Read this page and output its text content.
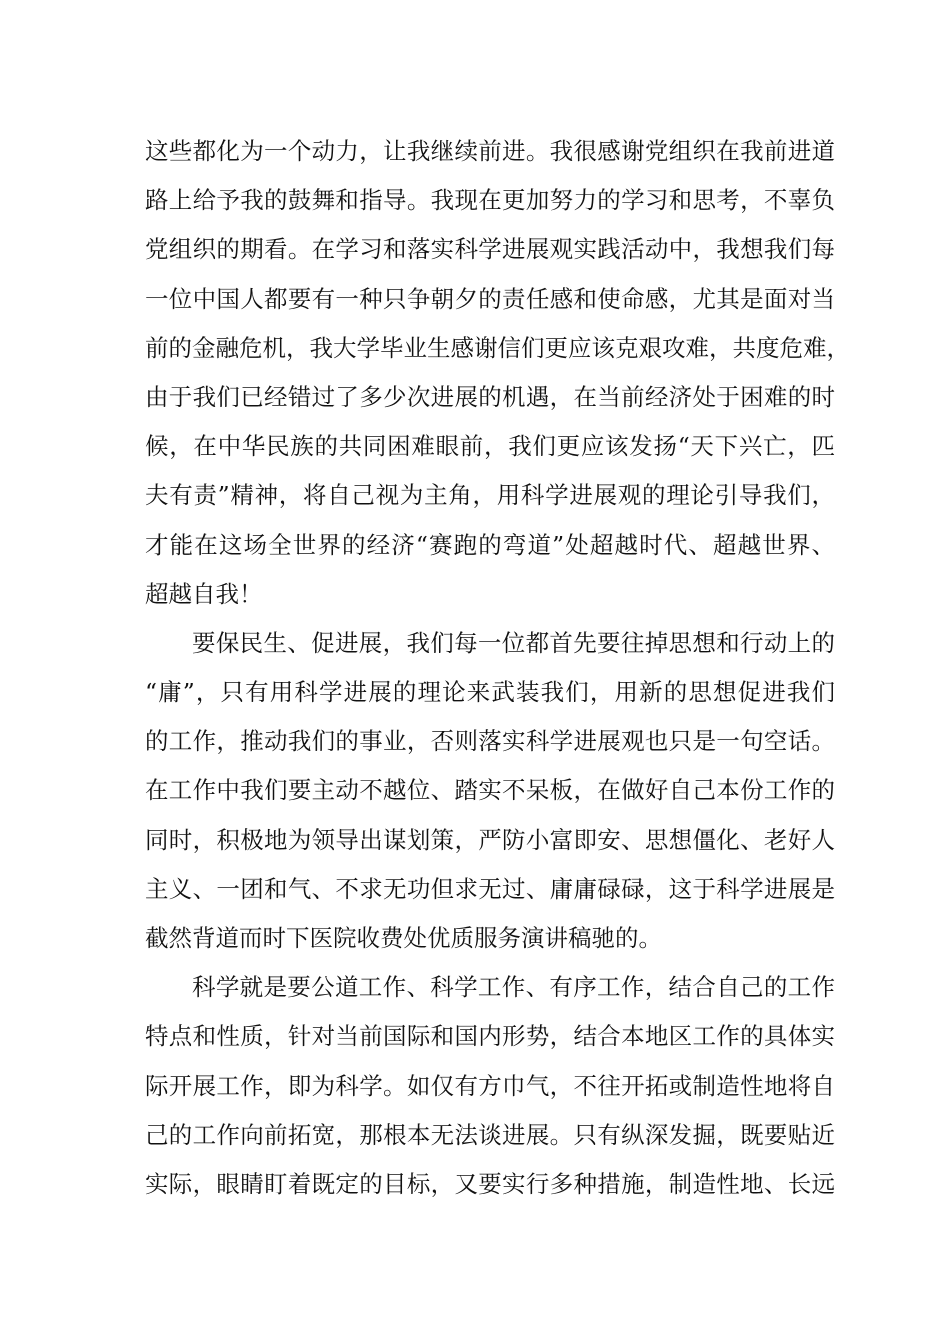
这些都化为一个动力，让我继续前进。我很感谢党组织在我前进道
路上给予我的鼓舞和指导。我现在更加努力的学习和思考，不辜负
党组织的期看。在学习和落实科学进展观实践活动中，我想我们每
一位中国人都要有一种只争朝夕的责任感和使命感，尤其是面对当
前的金融危机，我大学毕业生感谢信们更应该克艰攻难，共度危难，
由于我们已经错过了多少次进展的机遇，在当前经济处于困难的时
候，在中华民族的共同困难眼前，我们更应该发扬“天下兴亡，匹
夫有责”精神，将自己视为主角，用科学进展观的理论引导我们，
才能在这场全世界的经济“赛跑的弯道”处超越时代、超越世界、
超越自我！
要保民生、促进展，我们每一位都首先要往掉思想和行动上的
“庸”，只有用科学进展的理论来武装我们，用新的思想促进我们
的工作，推动我们的事业，否则落实科学进展观也只是一句空话。
在工作中我们要主动不越位、踏实不呆板，在做好自己本份工作的
同时，积极地为领导出谋划策，严防小富即安、思想僵化、老好人
主义、一团和气、不求无功但求无过、庸庸碌碌，这于科学进展是
截然背道而时下医院收费处优质服务演讲稿驰的。
科学就是要公道工作、科学工作、有序工作，结合自己的工作
特点和性质，针对当前国际和国内形势，结合本地区工作的具体实
际开展工作，即为科学。如仅有方巾气，不往开拓或制造性地将自
己的工作向前拓宽，那根本无法谈进展。只有纵深发掘，既要贴近
实际，眼睛盯着既定的目标，又要实行多种措施，制造性地、长远
